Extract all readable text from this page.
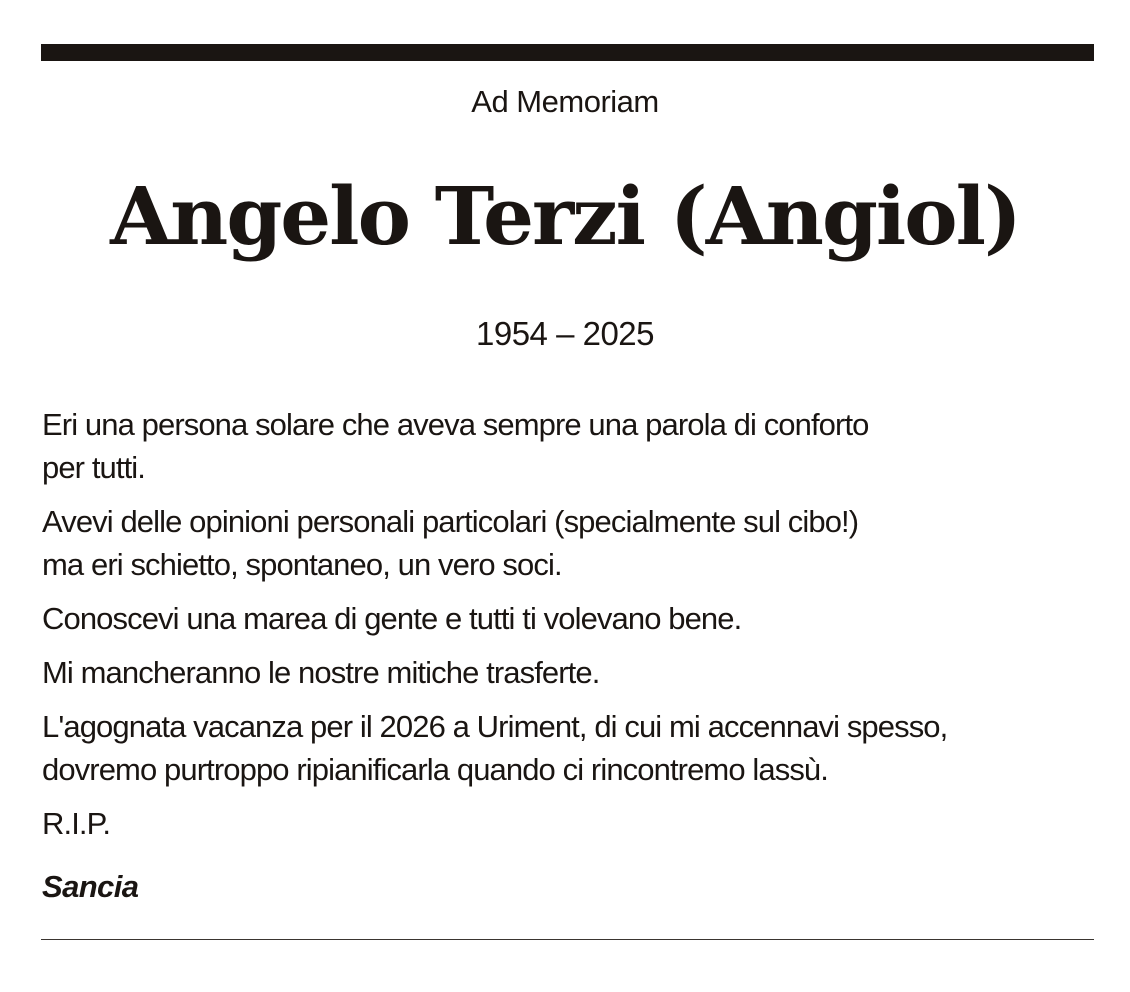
Ad Memoriam
Angelo Terzi (Angiol)
1954 – 2025

Eri una persona solare che aveva sempre una parola di conforto
per tutti.

Avevi delle opinioni personali particolari (specialmente sul cibo!)
ma eri schietto, spontaneo, un vero soci.

Conoscevi una marea di gente e tutti ti volevano bene.

Mi mancheranno le nostre mitiche trasferte.

L'agognata vacanza per il 2026 a Uriment, di cui mi accennavi spesso,
dovremo purtroppo ripianificarla quando ci rincontremo lassù.

R.I.P.

Sancia
